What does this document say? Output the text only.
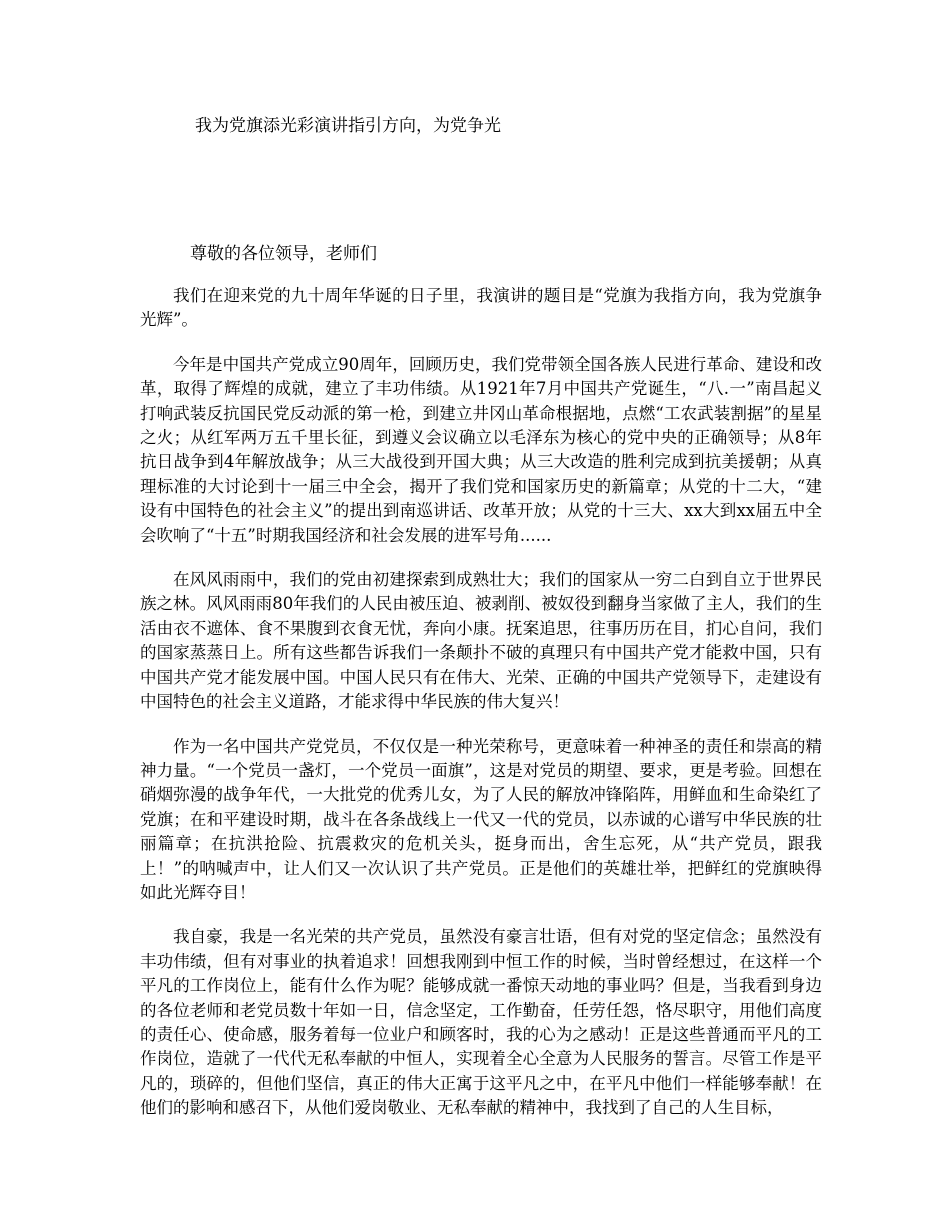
我为党旗添光彩演讲指引方向，为党争光
尊敬的各位领导，老师们

我们在迎来党的九十周年华诞的日子里，我演讲的题目是“党旗为我指方向，我为党旗争光辉”。

今年是中国共产党成立90周年，回顾历史，我们党带领全国各族人民进行革命、建设和改革，取得了辉煌的成就，建立了丰功伟绩。从1921年7月中国共产党诞生，“八.一”南昌起义打响武装反抗国民党反动派的第一枪，到建立井冈山革命根据地，点燃“工农武装割据”的星星之火；从红军两万五千里长征，到遵义会议确立以毛泽东为核心的党中央的正确领导；从8年抗日战争到4年解放战争；从三大战役到开国大典；从三大改造的胜利完成到抗美援朝；从真理标准的大讨论到十一届三中全会，揭开了我们党和国家历史的新篇章；从党的十二大，“建设有中国特色的社会主义”的提出到南巡讲话、改革开放；从党的十三大、xx大到xx届五中全会吹响了“十五”时期我国经济和社会发展的进军号角......

在风风雨雨中，我们的党由初建探索到成熟壮大；我们的国家从一穷二白到自立于世界民族之林。风风雨雨80年我们的人民由被压迫、被剥削、被奴役到翻身当家做了主人，我们的生活由衣不遮体、食不果腹到衣食无忧，奔向小康。抚案追思，往事历历在目，扪心自问，我们的国家蒸蒸日上。所有这些都告诉我们一条颠扑不破的真理只有中国共产党才能救中国，只有中国共产党才能发展中国。中国人民只有在伟大、光荣、正确的中国共产党领导下，走建设有中国特色的社会主义道路，才能求得中华民族的伟大复兴！

作为一名中国共产党党员，不仅仅是一种光荣称号，更意味着一种神圣的责任和崇高的精神力量。“一个党员一盏灯，一个党员一面旗”，这是对党员的期望、要求，更是考验。回想在硝烟弥漫的战争年代，一大批党的优秀儿女，为了人民的解放冲锋陷阵，用鲜血和生命染红了党旗；在和平建设时期，战斗在各条战线上一代又一代的党员，以赤诚的心谱写中华民族的壮丽篇章；在抗洪抢险、抗震救灾的危机关头，挺身而出，舍生忘死，从“共产党员，跟我上！”的呐喊声中，让人们又一次认识了共产党员。正是他们的英雄壮举，把鲜红的党旗映得如此光辉夺目！

我自豪，我是一名光荣的共产党员，虽然没有豪言壮语，但有对党的坚定信念；虽然没有丰功伟绩，但有对事业的执着追求！回想我刚到中恒工作的时候，当时曾经想过，在这样一个平凡的工作岗位上，能有什么作为呢？能够成就一番惊天动地的事业吗？但是，当我看到身边的各位老师和老党员数十年如一日，信念坚定，工作勤奋，任劳任怨，恪尽职守，用他们高度的责任心、使命感，服务着每一位业户和顾客时，我的心为之感动！正是这些普通而平凡的工作岗位，造就了一代代无私奉献的中恒人，实现着全心全意为人民服务的誓言。尽管工作是平凡的，琐碎的，但他们坚信，真正的伟大正寓于这平凡之中，在平凡中他们一样能够奉献！在他们的影响和感召下，从他们爱岗敬业、无私奉献的精神中，我找到了自己的人生目标，
